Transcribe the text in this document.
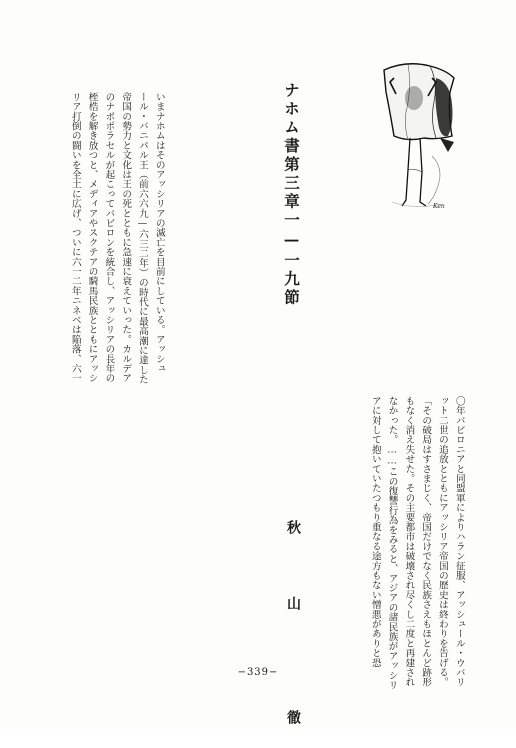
いまナホムはそのアッシリアの滅亡を目前にしている。アッシュ
ール・バニパル王（前六六九—六三二年）の時代に最高潮に達した
帝国の勢力と文化は王の死とともに急速に衰えていった。カルデア
のナボポラセルが起こってバビロンを統合し、アッシリアの長年の
桎梏を解き放つと、メディアやスクテアの騎馬民族とともにアッシ
リア打倒の闘いを全土に広げ、ついに六一二年ニネベは陥落、六一	ナホム書第三章一—一九節	Ken
〇年バビロニアと同盟軍によりハラン征服、アッシュール・ウバリ
ット二世の追放とともにアッシリア帝国の歴史は終わりを告げる。
「その破局はすさまじく、帝国だけでなく民族さえもほとんど跡形
もなく消え失せた。その主要都市は破壊され尽くし二度と再建され
なかった。……この復讐行為をみると、アジアの諸民族がアッシリ
アに対して抱いていたつもり重なる途方もない憎悪がありと恐
秋　山　　徹
−339−
